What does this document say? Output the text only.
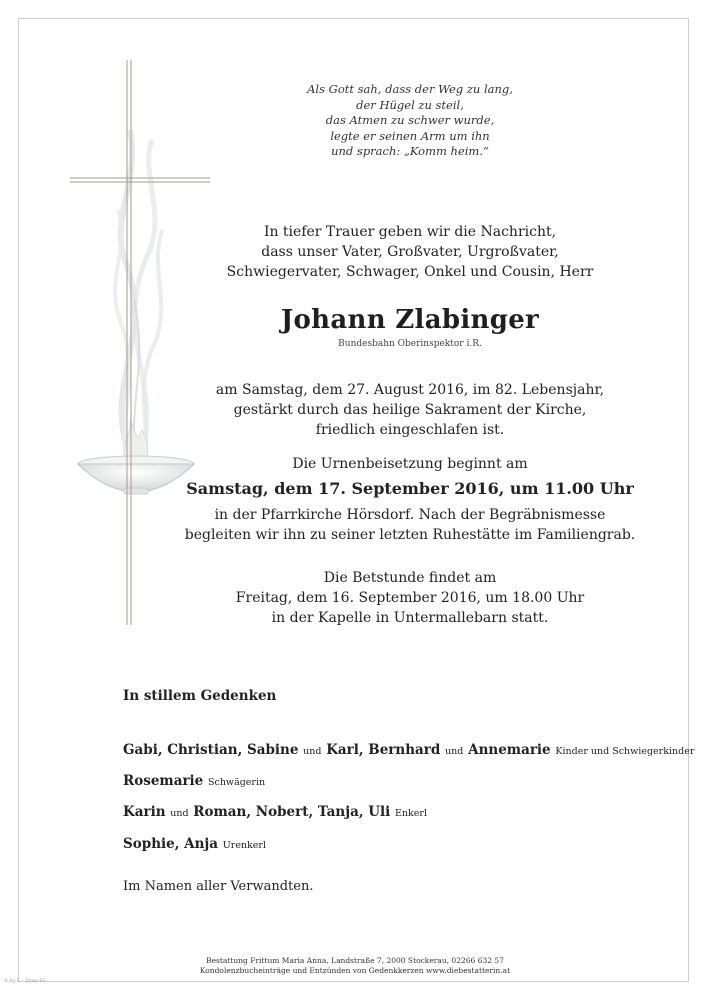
Als Gott sah, dass der Weg zu lang,
der Hügel zu steil,
das Atmen zu schwer wurde,
legte er seinen Arm um ihn
und sprach: „Komm heim.“
In tiefer Trauer geben wir die Nachricht,
dass unser Vater, Großvater, Urgroßvater,
Schwiegervater, Schwager, Onkel und Cousin, Herr
Johann Zlabinger
Bundesbahn Oberinspektor i.R.
am Samstag, dem 27. August 2016, im 82. Lebensjahr,
gestärkt durch das heilige Sakrament der Kirche,
friedlich eingeschlafen ist.
Die Urnenbeisetzung beginnt am
Samstag, dem 17. September 2016, um 11.00 Uhr
in der Pfarrkirche Hörsdorf. Nach der Begräbnismesse
begleiten wir ihn zu seiner letzten Ruhestätte im Familiengrab.
Die Betstunde findet am
Freitag, dem 16. September 2016, um 18.00 Uhr
in der Kapelle in Untermallebarn statt.
In stillem Gedenken
Gabi, Christian, Sabine und Karl, Bernhard und Annemarie Kinder und Schwiegerkinder
Rosemarie Schwägerin
Karin und Roman, Nobert, Tanja, Uli Enkerl
Sophie, Anja Urenkerl
Im Namen aller Verwandten.
Bestattung Frittum Maria Anna, Landstraße 7, 2000 Stockerau, 02266 632 57
Kondolenzbucheinträge und Entzünden von Gedenkkerzen www.diebestatterin.at
© by L. – Jones 93
